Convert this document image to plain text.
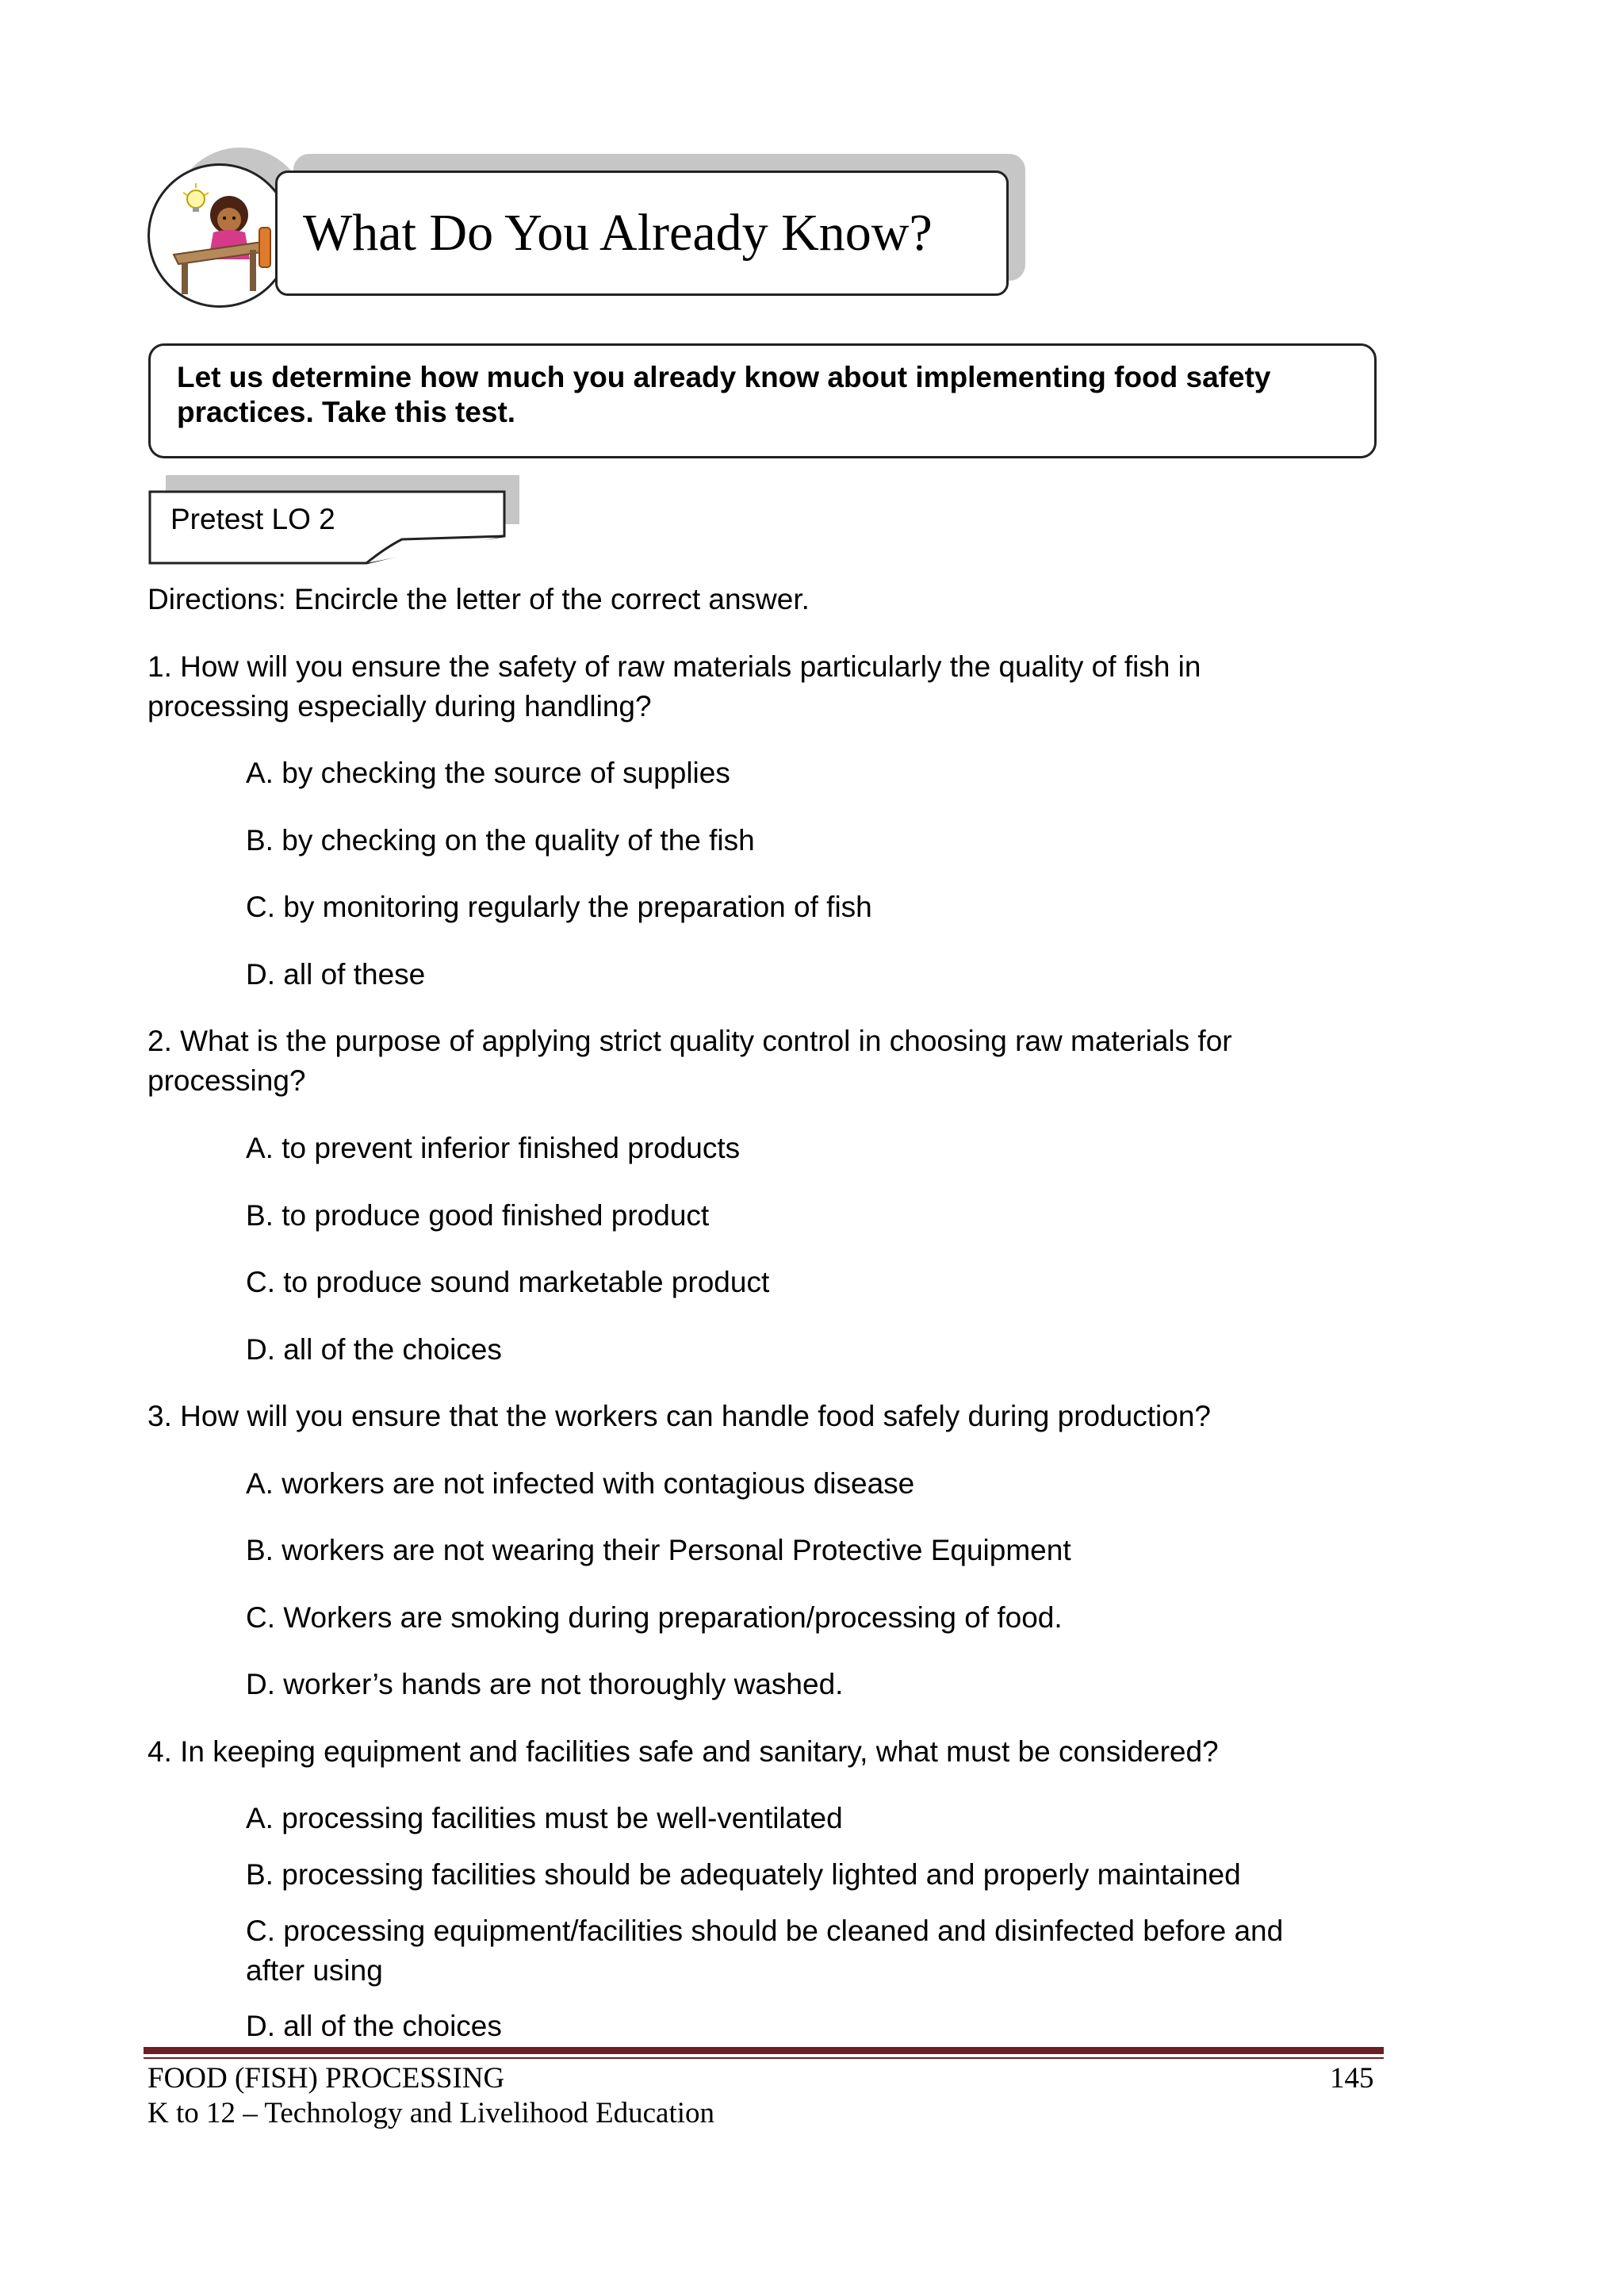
What Do You Already Know?

Let us determine how much you already know about implementing food safety

practices. Take this test.

Pretest LO 2

Directions: Encircle the letter of the correct answer.

1. How will you ensure the safety of raw materials particularly the quality of fish in

processing especially during handling?

A. by checking the source of supplies

B. by checking on the quality of the fish

C. by monitoring regularly the preparation of fish

D. all of these

2. What is the purpose of applying strict quality control in choosing raw materials for

processing?

A. to prevent inferior finished products

B. to produce good finished product

C. to produce sound marketable product

D. all of the choices

3. How will you ensure that the workers can handle food safely during production?

A. workers are not infected with contagious disease

B. workers are not wearing their Personal Protective Equipment

C. Workers are smoking during preparation/processing of food.

D. worker’s hands are not thoroughly washed.

4. In keeping equipment and facilities safe and sanitary, what must be considered?

A. processing facilities must be well-ventilated

B. processing facilities should be adequately lighted and properly maintained

C. processing equipment/facilities should be cleaned and disinfected before and

after using

D. all of the choices

FOOD (FISH) PROCESSING
K to 12 – Technology and Livelihood Education
145
